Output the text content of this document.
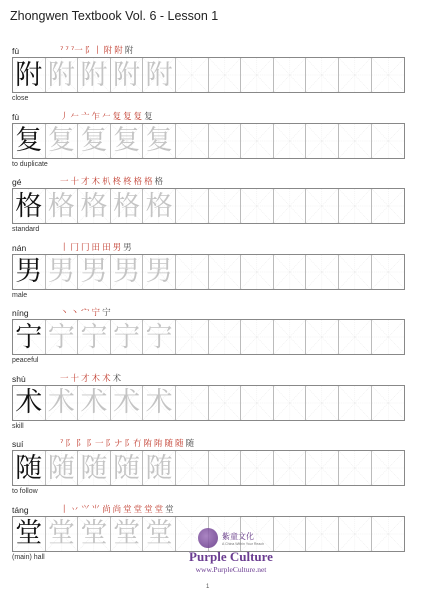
Zhongwen Textbook Vol. 6 - Lesson 1
fù	⁷ ⁷ ⁷一 阝丨 附 附 附
附 附 附 附 附
close
fù	丿 𠂉 亠 乍 𠂉 复 复 复 复
复 复 复 复 复
to duplicate
gé	一 十 才 木 朳 柊 柊 格 格 格
格 格 格 格 格
standard
nán	丨 冂 冂 田 田 男 男
男 男 男 男 男
male
níng	丶 丶 宀 宁 宁
宁 宁 宁 宁 宁
peaceful
shù	一 十 才 木 术 术
术 术 术 术 术
skill
suí	⁷ 阝 阝 阝一 阝ナ 阝冇 陏 陏 随 随 随
随 随 随 随 随
to follow
táng	丨 丷 ⺍ ⺌ 尚 尚 堂 堂 堂 堂 堂
堂 堂 堂 堂 堂
(main) hall
紫童文化
A China Within Your Reach
Purple Culture
www.PurpleCulture.net
1
